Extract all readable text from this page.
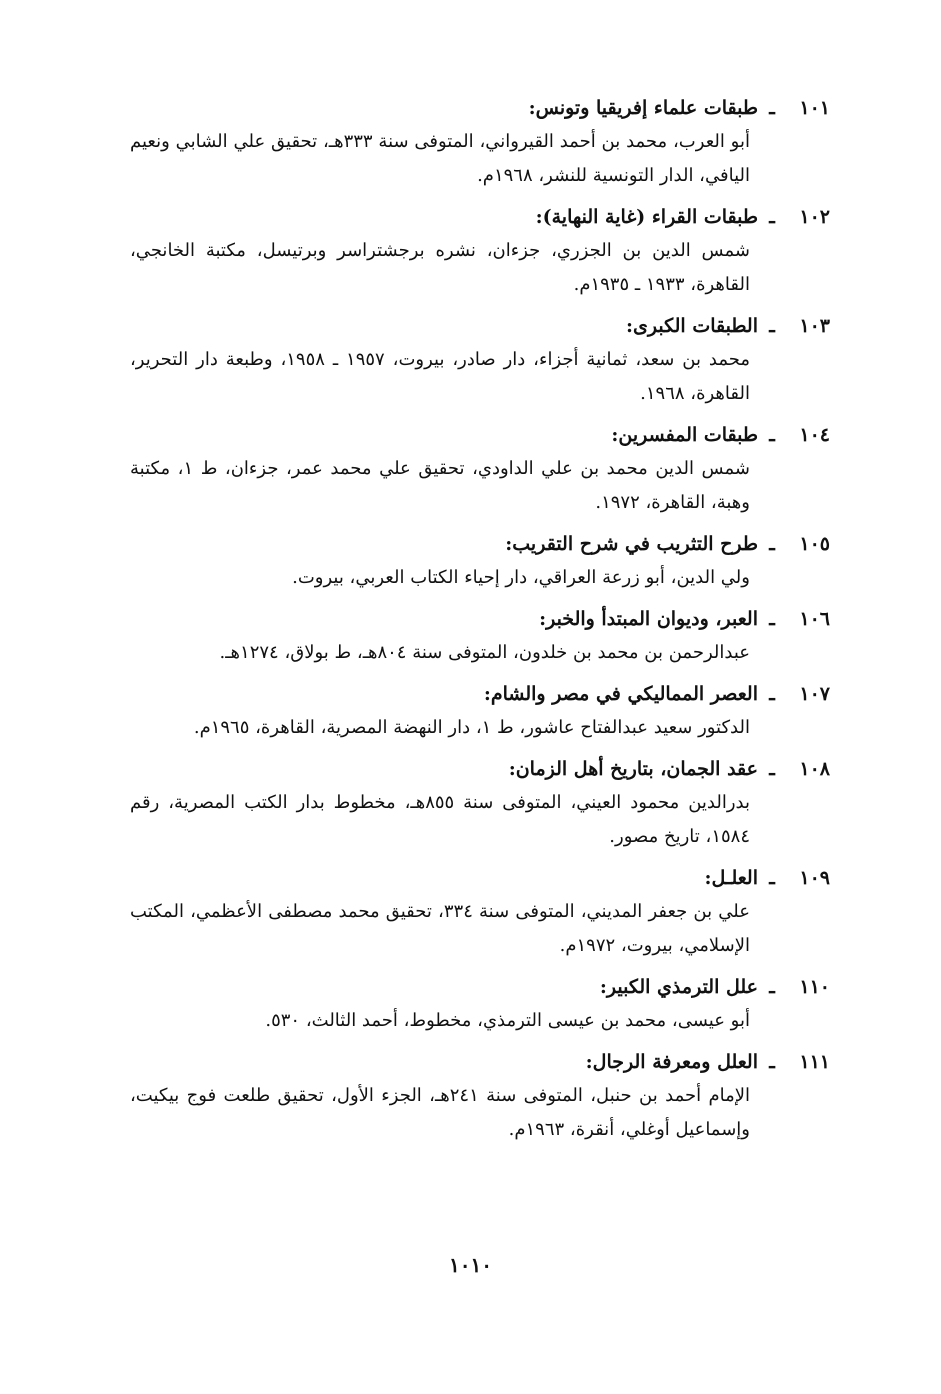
١٠١
ـ
طبقات علماء إفريقيا وتونس:
أبو العرب، محمد بن أحمد القيرواني، المتوفى سنة ٣٣٣هـ، تحقيق علي الشابي ونعيم اليافي، الدار التونسية للنشر، ١٩٦٨م.
١٠٢
ـ
طبقات القراء (غاية النهاية):
شمس الدين بن الجزري، جزءان، نشره برجشتراسر وبرتيسل، مكتبة الخانجي، القاهرة، ١٩٣٣ ـ ١٩٣٥م.
١٠٣
ـ
الطبقات الكبرى:
محمد بن سعد، ثمانية أجزاء، دار صادر، بيروت، ١٩٥٧ ـ ١٩٥٨، وطبعة دار التحرير، القاهرة، ١٩٦٨.
١٠٤
ـ
طبقات المفسرين:
شمس الدين محمد بن علي الداودي، تحقيق علي محمد عمر، جزءان، ط ١، مكتبة وهبة، القاهرة، ١٩٧٢.
١٠٥
ـ
طرح التثريب في شرح التقريب:
ولي الدين، أبو زرعة العراقي، دار إحياء الكتاب العربي، بيروت.
١٠٦
ـ
العبر، وديوان المبتدأ والخبر:
عبدالرحمن بن محمد بن خلدون، المتوفى سنة ٨٠٤هـ، ط بولاق، ١٢٧٤هـ.
١٠٧
ـ
العصر المماليكي في مصر والشام:
الدكتور سعيد عبدالفتاح عاشور، ط ١، دار النهضة المصرية، القاهرة، ١٩٦٥م.
١٠٨
ـ
عقد الجمان، بتاريخ أهل الزمان:
بدرالدين محمود العيني، المتوفى سنة ٨٥٥هـ، مخطوط بدار الكتب المصرية، رقم ١٥٨٤، تاريخ مصور.
١٠٩
ـ
العلـل:
علي بن جعفر المديني، المتوفى سنة ٣٣٤، تحقيق محمد مصطفى الأعظمي، المكتب الإسلامي، بيروت، ١٩٧٢م.
١١٠
ـ
علل الترمذي الكبير:
أبو عيسى، محمد بن عيسى الترمذي، مخطوط، أحمد الثالث، ٥٣٠.
١١١
ـ
العلل ومعرفة الرجال:
الإمام أحمد بن حنبل، المتوفى سنة ٢٤١هـ، الجزء الأول، تحقيق طلعت فوج بيكيت، وإسماعيل أوغلي، أنقرة، ١٩٦٣م.
١٠١٠
